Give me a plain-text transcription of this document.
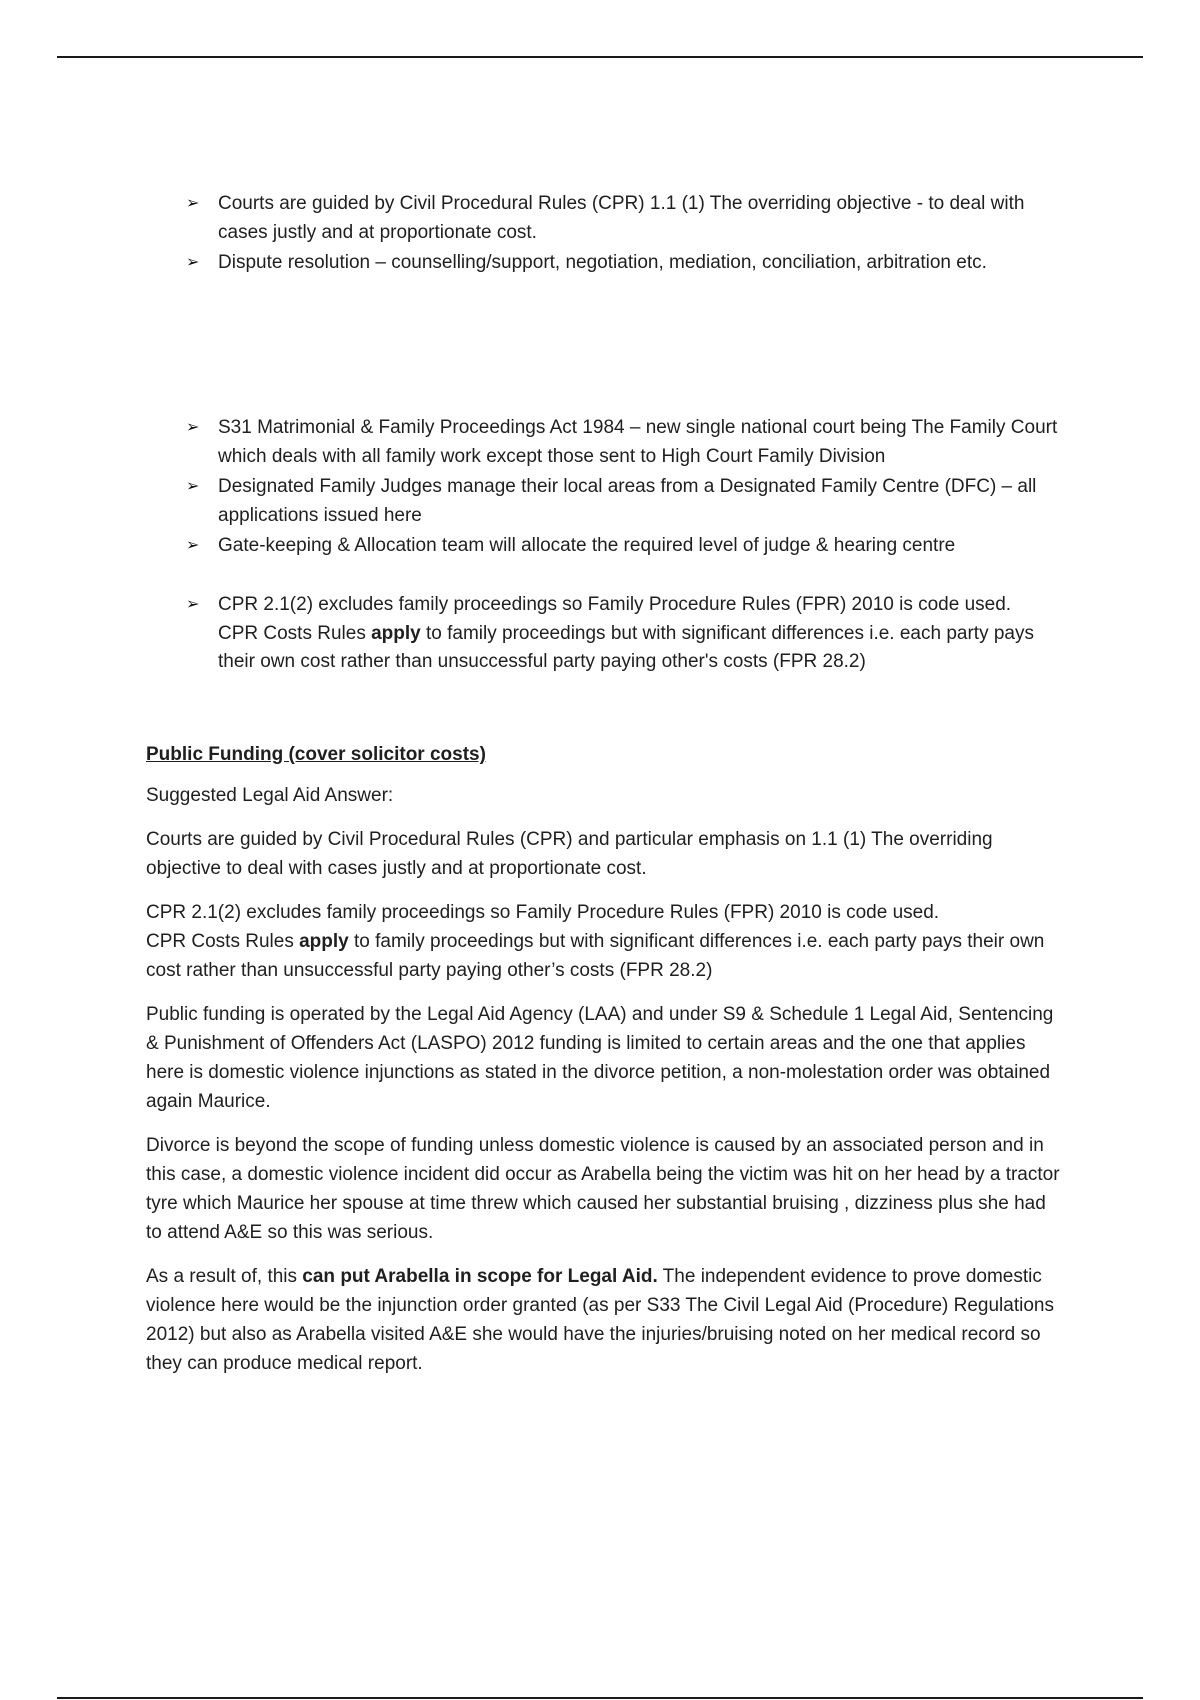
➢ Courts are guided by Civil Procedural Rules (CPR) 1.1 (1) The overriding objective - to deal with cases justly and at proportionate cost.
➢ Dispute resolution – counselling/support, negotiation, mediation, conciliation, arbitration etc.
➢ S31 Matrimonial & Family Proceedings Act 1984 – new single national court being The Family Court which deals with all family work except those sent to High Court Family Division
➢ Designated Family Judges manage their local areas from a Designated Family Centre (DFC) – all applications issued here
➢ Gate-keeping & Allocation team will allocate the required level of judge & hearing centre
➢ CPR 2.1(2) excludes family proceedings so Family Procedure Rules (FPR) 2010 is code used.
CPR Costs Rules apply to family proceedings but with significant differences i.e. each party pays their own cost rather than unsuccessful party paying other's costs (FPR 28.2)

Public Funding (cover solicitor costs)

Suggested Legal Aid Answer:

Courts are guided by Civil Procedural Rules (CPR) and particular emphasis on 1.1 (1) The overriding objective to deal with cases justly and at proportionate cost.

CPR 2.1(2) excludes family proceedings so Family Procedure Rules (FPR) 2010 is code used.
CPR Costs Rules apply to family proceedings but with significant differences i.e. each party pays their own cost rather than unsuccessful party paying other’s costs (FPR 28.2)

Public funding is operated by the Legal Aid Agency (LAA) and under S9 & Schedule 1 Legal Aid, Sentencing & Punishment of Offenders Act (LASPO) 2012 funding is limited to certain areas and the one that applies here is domestic violence injunctions as stated in the divorce petition, a non-molestation order was obtained again Maurice.

Divorce is beyond the scope of funding unless domestic violence is caused by an associated person and in this case, a domestic violence incident did occur as Arabella being the victim was hit on her head by a tractor tyre which Maurice her spouse at time threw which caused her substantial bruising , dizziness plus she had to attend A&E so this was serious.

As a result of, this can put Arabella in scope for Legal Aid. The independent evidence to prove domestic violence here would be the injunction order granted (as per S33 The Civil Legal Aid (Procedure) Regulations 2012) but also as Arabella visited A&E she would have the injuries/bruising noted on her medical record so they can produce medical report.
